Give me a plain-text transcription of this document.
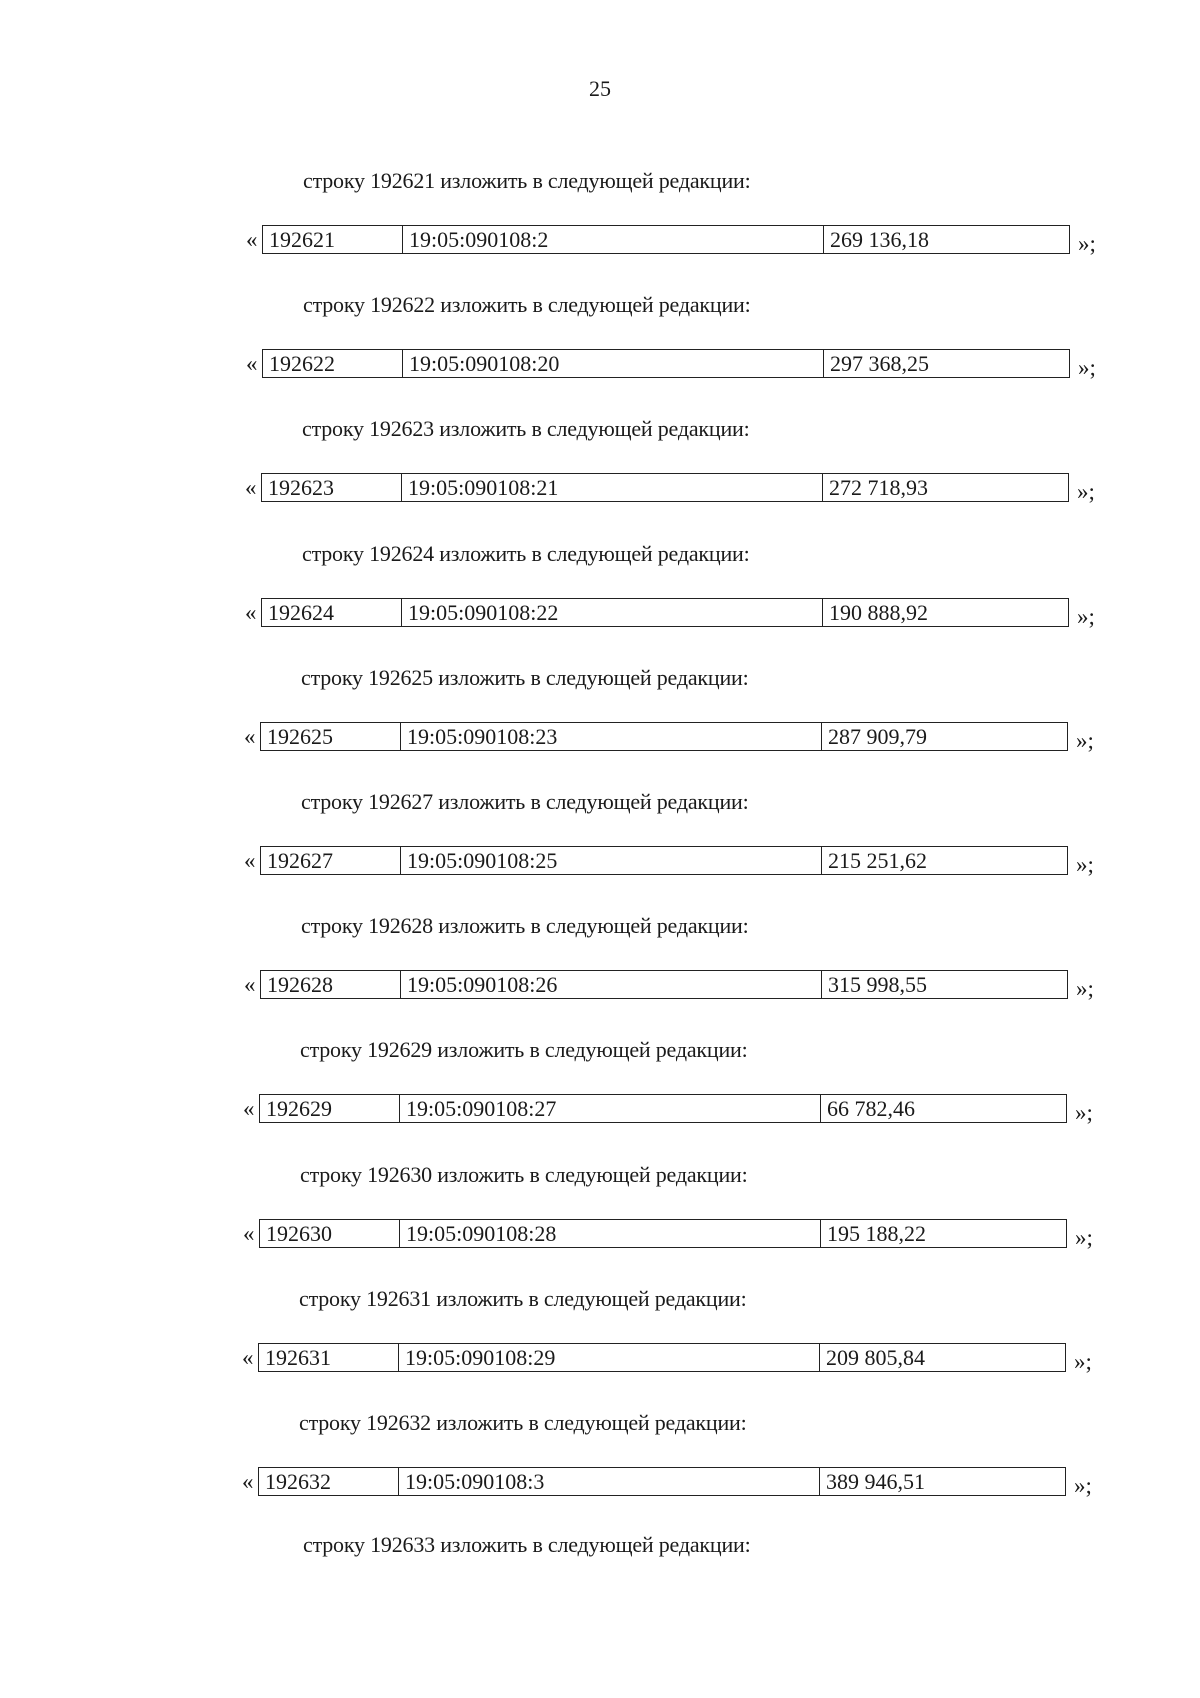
25
строку 192621 изложить в следующей редакции:
« 192621	19:05:090108:2	269 136,18	»;
строку 192622 изложить в следующей редакции:
« 192622	19:05:090108:20	297 368,25	»;
строку 192623 изложить в следующей редакции:
« 192623	19:05:090108:21	272 718,93	»;
строку 192624 изложить в следующей редакции:
« 192624	19:05:090108:22	190 888,92	»;
строку 192625 изложить в следующей редакции:
« 192625	19:05:090108:23	287 909,79	»;
строку 192627 изложить в следующей редакции:
« 192627	19:05:090108:25	215 251,62	»;
строку 192628 изложить в следующей редакции:
« 192628	19:05:090108:26	315 998,55	»;
строку 192629 изложить в следующей редакции:
« 192629	19:05:090108:27	66 782,46	»;
строку 192630 изложить в следующей редакции:
« 192630	19:05:090108:28	195 188,22	»;
строку 192631 изложить в следующей редакции:
« 192631	19:05:090108:29	209 805,84	»;
строку 192632 изложить в следующей редакции:
« 192632	19:05:090108:3	389 946,51	»;
строку 192633 изложить в следующей редакции:
